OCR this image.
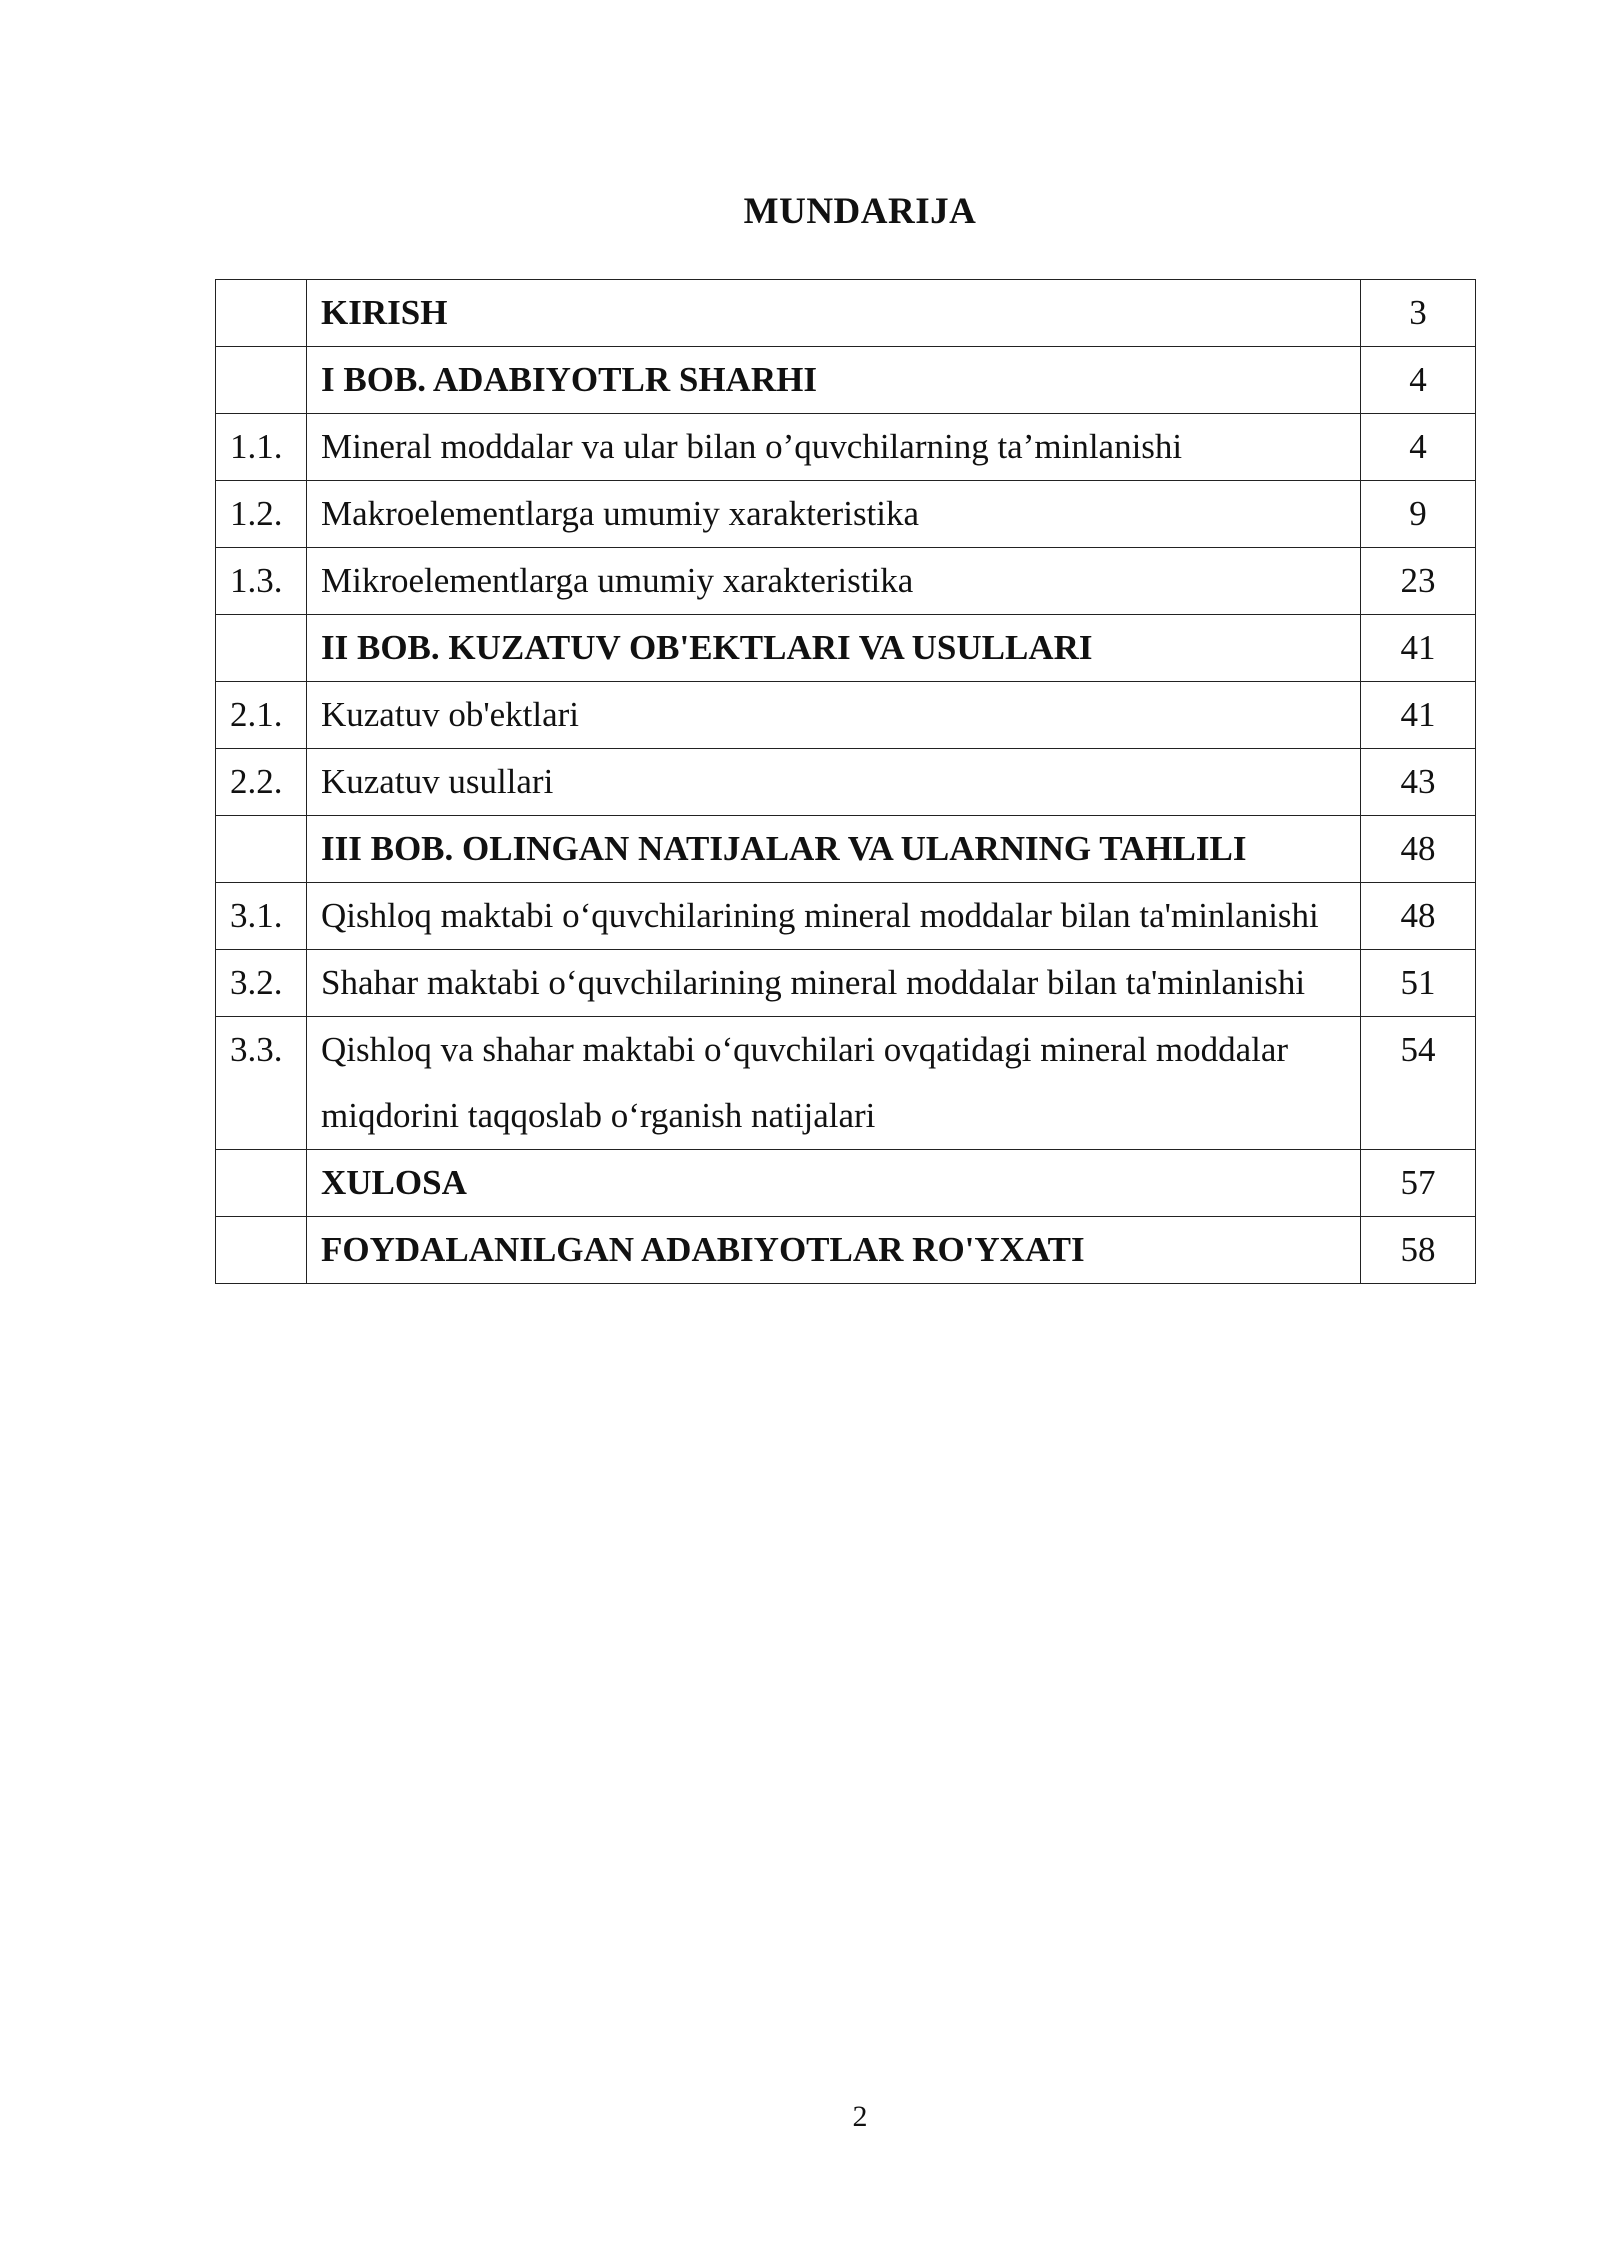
MUNDARIJA
	KIRISH	3
	I BOB. ADABIYOTLR SHARHI	4
1.1.	Mineral moddalar va ular bilan o’quvchilarning ta’minlanishi	4
1.2.	Makroelementlarga umumiy xarakteristika	9
1.3.	Mikroelementlarga umumiy xarakteristika	23
	II BOB. KUZATUV OB'EKTLARI VA USULLARI	41
2.1.	Kuzatuv ob'ektlari	41
2.2.	Kuzatuv usullari	43
	III BOB. OLINGAN NATIJALAR VA ULARNING TAHLILI	48
3.1.	Qishloq maktabi o‘quvchilarining mineral moddalar bilan ta'minlanishi	48
3.2.	Shahar maktabi o‘quvchilarining mineral moddalar bilan ta'minlanishi	51
3.3.	Qishloq va shahar maktabi o‘quvchilari ovqatidagi mineral moddalar miqdorini taqqoslab o‘rganish natijalari	54
	XULOSA	57
	FOYDALANILGAN ADABIYOTLAR RO'YXATI	58
2
